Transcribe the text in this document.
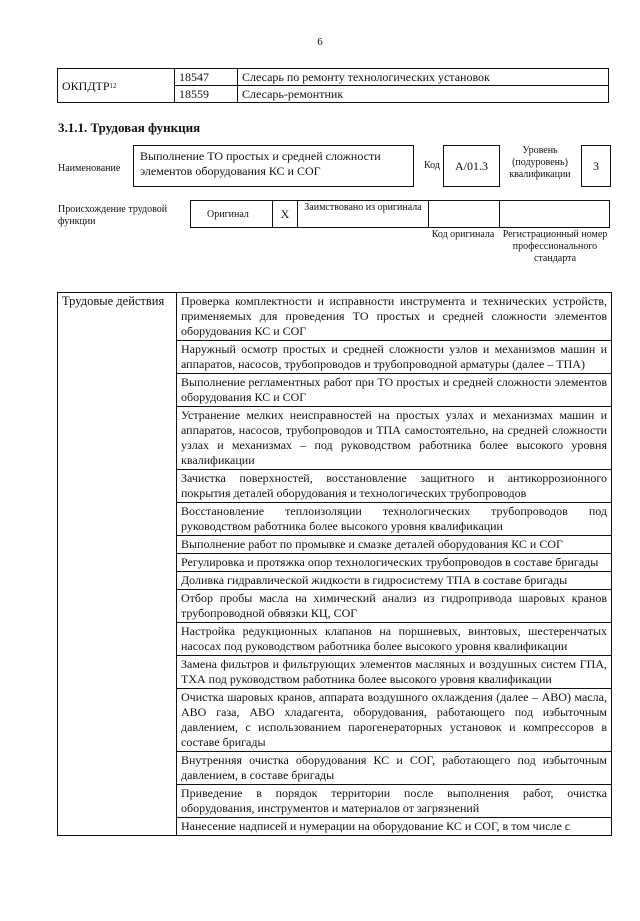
6
ОКПДТР$^{12}$	18547	Слесарь по ремонту технологических установок
	18559	Слесарь-ремонтник
3.1.1. Трудовая функция
Наименование
Выполнение ТО простых и средней сложности элементов оборудования КС и СОГ	Код	A/01.3
Уровень (подуровень) квалификации
3
Происхождение трудовой функции
Оригинал	X	Заимствовано из оригинала		
Код оригинала Регистрационный номер профессионального стандарта
Трудовые действия	Проверка комплектности и исправности инструмента и технических устройств, применяемых для проведения ТО простых и средней сложности элементов оборудования КС и СОГ
Наружный осмотр простых и средней сложности узлов и механизмов машин и аппаратов, насосов, трубопроводов и трубопроводной арматуры (далее – ТПА)
Выполнение регламентных работ при ТО простых и средней сложности элементов оборудования КС и СОГ
Устранение мелких неисправностей на простых узлах и механизмах машин и аппаратов, насосов, трубопроводов и ТПА самостоятельно, на средней сложности узлах и механизмах – под руководством работника более высокого уровня квалификации
Зачистка поверхностей, восстановление защитного и антикоррозионного покрытия деталей оборудования и технологических трубопроводов
Восстановление теплоизоляции технологических трубопроводов под руководством работника более высокого уровня квалификации
Выполнение работ по промывке и смазке деталей оборудования КС и СОГ
Регулировка и протяжка опор технологических трубопроводов в составе бригады
Доливка гидравлической жидкости в гидросистему ТПА в составе бригады
Отбор пробы масла на химический анализ из гидропривода шаровых кранов трубопроводной обвязки КЦ, СОГ
Настройка редукционных клапанов на поршневых, винтовых, шестеренчатых насосах под руководством работника более высокого уровня квалификации
Замена фильтров и фильтрующих элементов масляных и воздушных систем ГПА, ТХА под руководством работника более высокого уровня квалификации
Очистка шаровых кранов, аппарата воздушного охлаждения (далее – АВО) масла, АВО газа, АВО хладагента, оборудования, работающего под избыточным давлением, с использованием парогенераторных установок и компрессоров в составе бригады
Внутренняя очистка оборудования КС и СОГ, работающего под избыточным давлением, в составе бригады
Приведение в порядок территории после выполнения работ, очистка оборудования, инструментов и материалов от загрязнений
Нанесение надписей и нумерации на оборудование КС и СОГ, в том числе с
